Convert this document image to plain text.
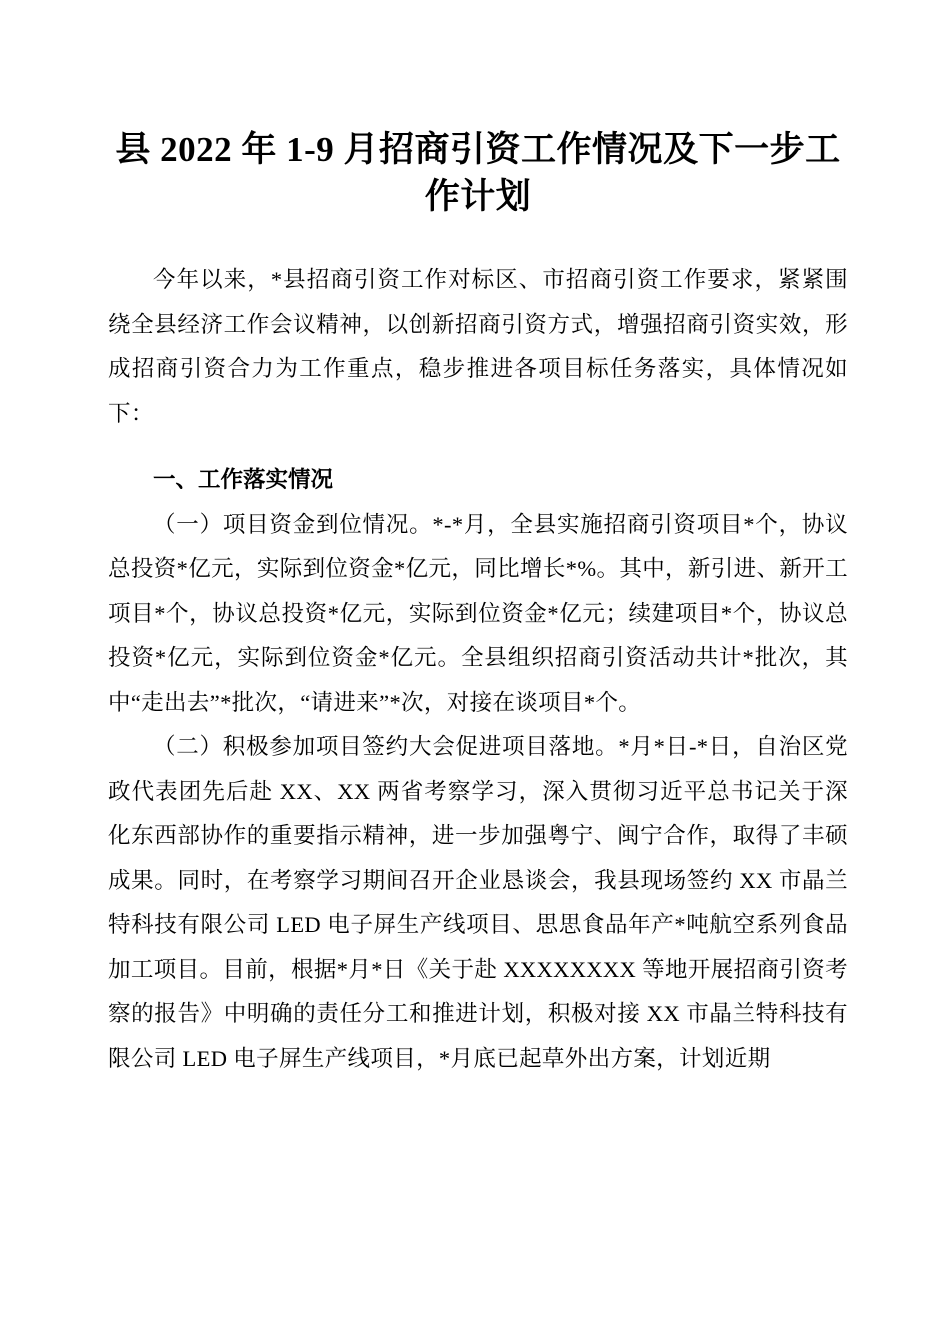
县 2022 年 1-9 月招商引资工作情况及下一步工作计划

今年以来，*县招商引资工作对标区、市招商引资工作要求，紧紧围绕全县经济工作会议精神，以创新招商引资方式，增强招商引资实效，形成招商引资合力为工作重点，稳步推进各项目标任务落实，具体情况如下：

一、工作落实情况

（一）项目资金到位情况。*-*月，全县实施招商引资项目*个，协议总投资*亿元，实际到位资金*亿元，同比增长*%。其中，新引进、新开工项目*个，协议总投资*亿元，实际到位资金*亿元；续建项目*个，协议总投资*亿元，实际到位资金*亿元。全县组织招商引资活动共计*批次，其中“走出去”*批次，“请进来”*次，对接在谈项目*个。

（二）积极参加项目签约大会促进项目落地。*月*日-*日，自治区党政代表团先后赴 XX、XX 两省考察学习，深入贯彻习近平总书记关于深化东西部协作的重要指示精神，进一步加强粤宁、闽宁合作，取得了丰硕成果。同时，在考察学习期间召开企业恳谈会，我县现场签约 XX 市晶兰特科技有限公司 LED 电子屏生产线项目、思思食品年产*吨航空系列食品加工项目。目前，根据*月*日《关于赴 XXXXXXXX 等地开展招商引资考察的报告》中明确的责任分工和推进计划，积极对接 XX 市晶兰特科技有限公司 LED 电子屏生产线项目，*月底已起草外出方案，计划近期
